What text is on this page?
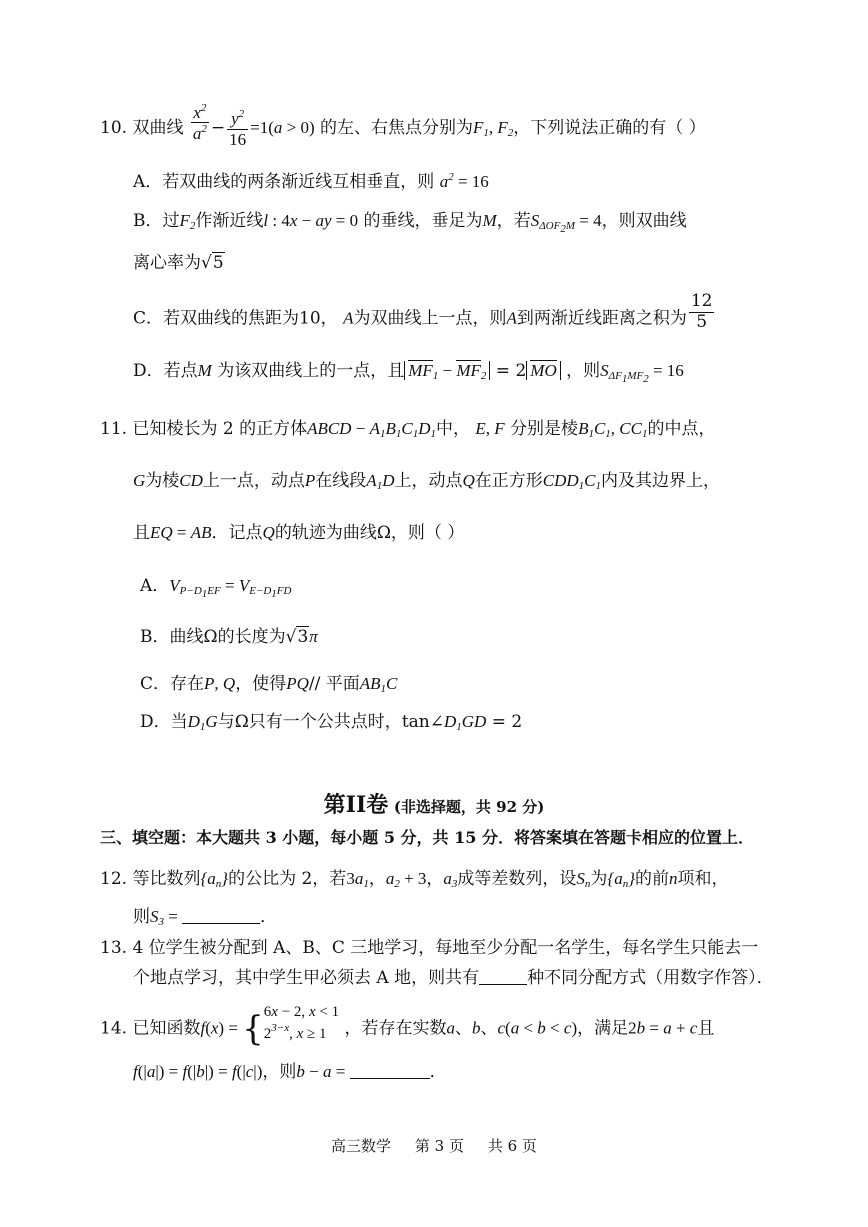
10. 双曲线 $\frac{x^2}{a^2} - \frac{y^2}{16} =1(a > 0)$ 的左、右焦点分别为$F_1$, $F_2$，下列说法正确的有（ ）
A．若双曲线的两条渐近线互相垂直，则 $a^2 = 16$
B．过$F_2$作渐近线l : 4x − ay = 0 的垂线，垂足为M，若$S_{\Delta OF_2M} = 4$，则双曲线
离心率为√5
C．若双曲线的焦距为10， A为双曲线上一点，则A到两渐近线距离之积为 $\frac{12}{5}$
D．若点M 为该双曲线上的一点，且 $MF_1 - MF_2 = 2$ MO ，则$S_{\Delta F_1MF_2} = 16$
11. 已知棱长为 2 的正方体ABCD − $A_1B_1C_1D_1$中， E, F 分别是棱$B_1C_1$, $CC_1$的中点，
G为棱CD上一点，动点P在线段$A_1D$上，动点Q在正方形$CDD_1C_1$内及其边界上，
且EQ = AB．记点Q的轨迹为曲线Ω，则（ ）
A．$V_{P-D_1EF} = V_{E-D_1FD}$
B．曲线Ω的长度为√3π
C．存在P, Q，使得PQ// 平面$AB_1C$
D．当$D_1G$与Ω只有一个公共点时，$\tan\angle D_1GD = 2$
第II卷 (非选择题，共 92 分)
三、填空题：本大题共 3 小题，每小题 5 分，共 15 分．将答案填在答题卡相应的位置上．
12. 等比数列$\{a_n\}$的公比为 2，若$3a_1$，$a_2 + 3$，$a_3$成等差数列，设$S_n$为$\{a_n\}$的前n项和，
则$S_3$ =	．
13. 4 位学生被分配到 A、B、C 三地学习，每地至少分配一名学生，每名学生只能去一
个地点学习，其中学生甲必须去 A 地，则共有	种不同分配方式（用数字作答）．
14. 已知函数f(x) = {6x − 2, x < 1
$2^{3-x}$, x ≥ 1 ，若存在实数a、b、c(a < b < c)，满足2b = a + c且
f(|a|) = f(|b|) = f(|c|)，则b − a =	．
高三数学 第 3 页 共 6 页
